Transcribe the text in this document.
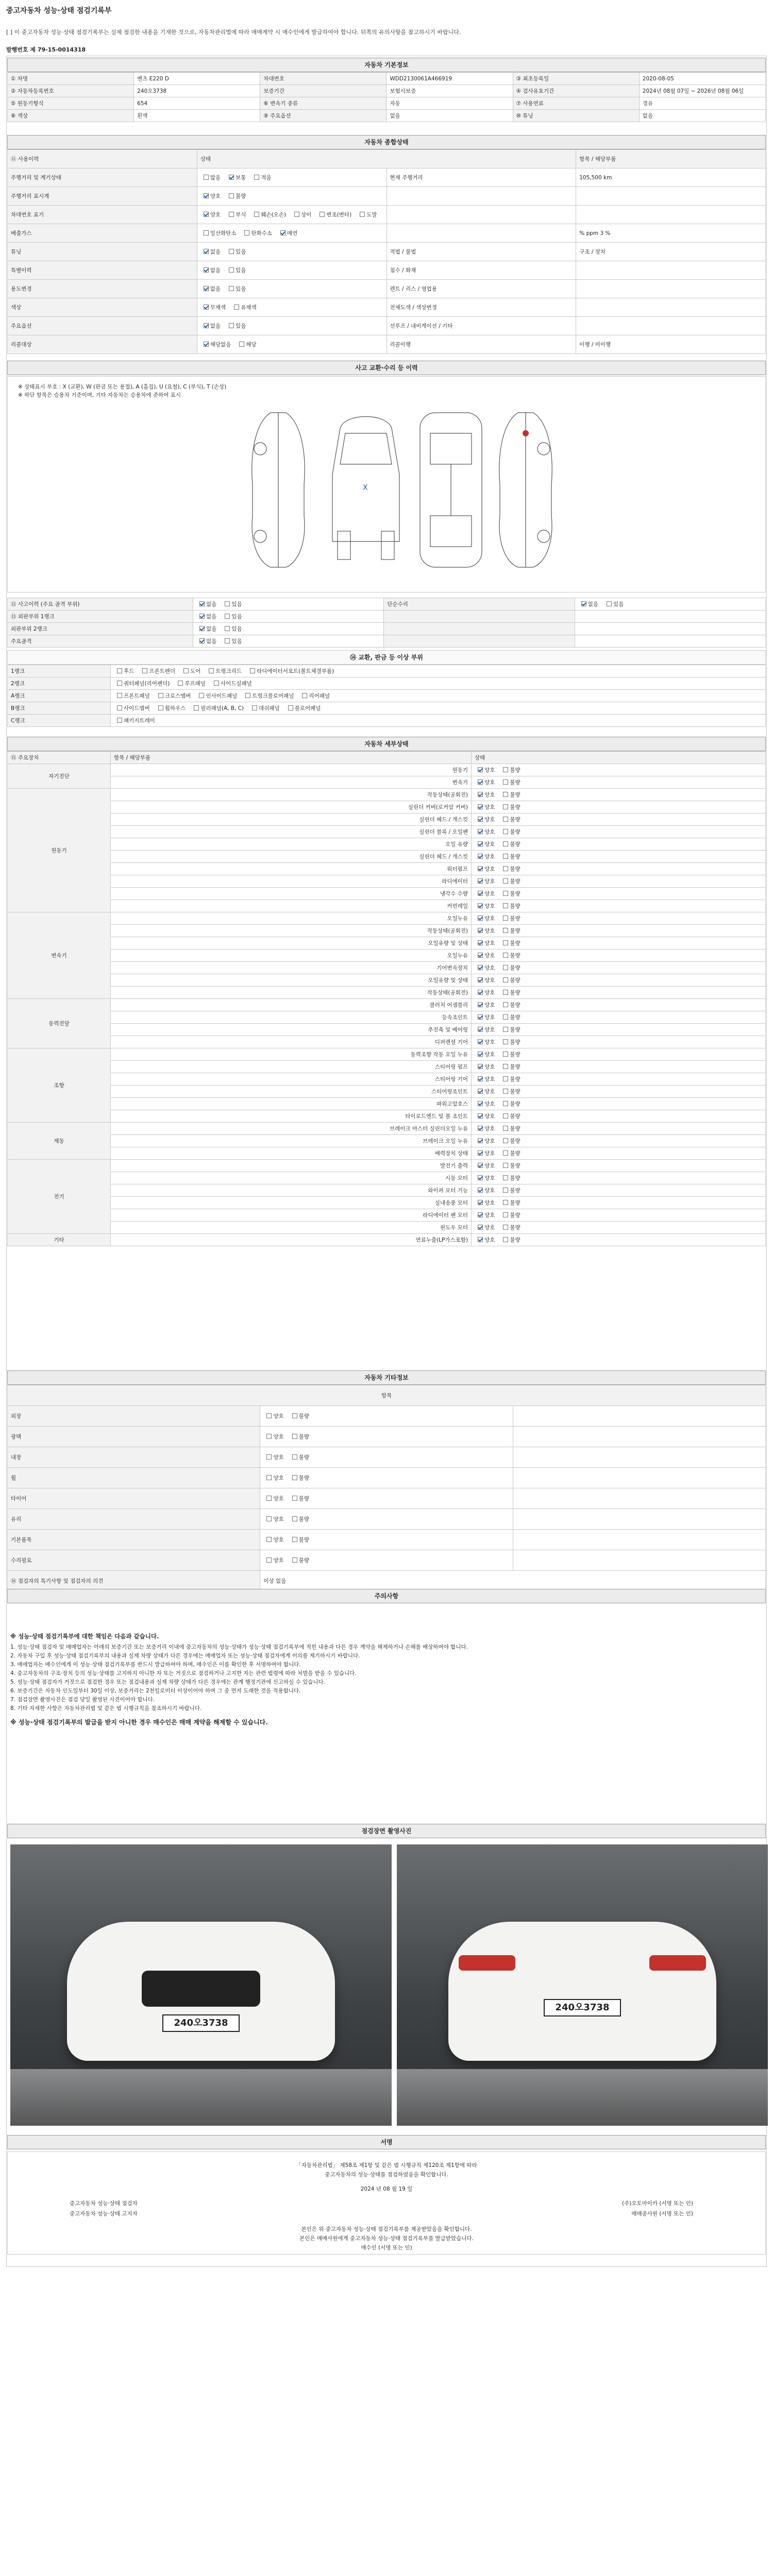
중고자동차 성능·상태 점검기록부
[ ] 이 중고자동차 성능·상태 점검기록부는 실제 점검한 내용을 기재한 것으로, 자동차관리법에 따라 매매계약 시 매수인에게 발급하여야 합니다. 뒤쪽의 유의사항을 참고하시기 바랍니다.
발행번호 제 79-15-0014318
자동차 기본정보
① 차명	벤츠 E220 D	차대번호	WDD2130061A466919	③ 최초등록일	2020-08-05
② 자동차등록번호	240오3738	보증기간	보험사보증	④ 검사유효기간	2024년 08월 07일 ~ 2026년 08월 06일
⑤ 원동기형식	654	⑥ 변속기 종류	자동	⑦ 사용연료	경유
⑧ 색상	흰색	⑨ 주요옵션	없음	⑩ 튜닝	없음
자동차 종합상태
⑪ 사용이력	상태		항목 / 해당부품
주행거리 및 계기상태	많음 보통 적음	현재 주행거리	105,500 km
주행거리 표시계	양호 불량		
차대번호 표기	양호 부식 훼손(오손) 상이 변조(변타) 도말		
배출가스	일산화탄소 탄화수소 매연		% ppm 3 %
튜닝	없음 있음	적법 / 불법	구조 / 장치
특별이력	없음 있음	침수 / 화재	
용도변경	없음 있음	렌트 / 리스 / 영업용	
색상	무채색 유채색	전체도색 / 색상변경	
주요옵션	없음 있음	선루프 / 내비게이션 / 기타	
리콜대상	해당없음 해당	리콜이행	이행 / 미이행
사고 교환·수리 등 이력
※ 상태표시 부호 : X (교환), W (판금 또는 용접), A (흠집), U (요철), C (부식), T (손상)
※ 하단 항목은 승용차 기준이며, 기타 자동차는 승용차에 준하여 표시
X
⑫ 사고이력 (주요 골격 부위)	없음 있음	단순수리	없음 있음
⑬ 외판부위 1랭크	없음 있음		
외판부위 2랭크	없음 있음		
주요골격	없음 있음		
⑭ 교환, 판금 등 이상 부위
1랭크	후드 프론트펜더 도어 트렁크리드 라디에이터서포트(볼트체결부품)
2랭크	쿼터패널(리어펜더) 루프패널 사이드실패널
A랭크	프론트패널 크로스멤버 인사이드패널 트렁크플로어패널 리어패널
B랭크	사이드멤버 휠하우스 필러패널(A, B, C) 대쉬패널 플로어패널
C랭크	패키지트레이
자동차 세부상태
⑮ 주요장치	항목 / 해당부품	상태
자기진단	원동기	양호 불량
	변속기	양호 불량
원동기	작동상태(공회전)	양호 불량
	실린더 커버(로커암 커버)	양호 불량
	실린더 헤드 / 개스킷	양호 불량
	실린더 블록 / 오일팬	양호 불량
	오일 유량	양호 불량
	실린더 헤드 / 개스킷	양호 불량
	워터펌프	양호 불량
	라디에이터	양호 불량
	냉각수 수량	양호 불량
	커먼레일	양호 불량
변속기	오일누유	양호 불량
	작동상태(공회전)	양호 불량
	오일유량 및 상태	양호 불량
	오일누유	양호 불량
	기어변속장치	양호 불량
	오일유량 및 상태	양호 불량
	작동상태(공회전)	양호 불량
동력전달	클러치 어셈블리	양호 불량
	등속조인트	양호 불량
	추진축 및 베어링	양호 불량
	디퍼렌셜 기어	양호 불량
조향	동력조향 작동 오일 누유	양호 불량
	스티어링 펌프	양호 불량
	스티어링 기어	양호 불량
	스티어링조인트	양호 불량
	파워고압호스	양호 불량
	타이로드엔드 및 볼 조인트	양호 불량
제동	브레이크 마스터 실린더오일 누유	양호 불량
	브레이크 오일 누유	양호 불량
	배력장치 상태	양호 불량
전기	발전기 출력	양호 불량
	시동 모터	양호 불량
	와이퍼 모터 기능	양호 불량
	실내송풍 모터	양호 불량
	라디에이터 팬 모터	양호 불량
	윈도우 모터	양호 불량
기타	연료누출(LP가스포함)	양호 불량
자동차 기타정보
항목		
외장	양호 불량	
광택	양호 불량	
내장	양호 불량	
휠	양호 불량	
타이어	양호 불량	
유리	양호 불량	
기본품목	양호 불량	
수리필요	양호 불량	
⑯ 점검자의 특기사항 및 점검자의 의견	이상 없음	
주의사항
※ 성능·상태 점검기록부에 대한 책임은 다음과 같습니다.
1. 성능·상태 점검자 및 매매업자는 아래의 보증기간 또는 보증거리 이내에 중고자동차의 성능·상태가 성능·상태 점검기록부에 적힌 내용과 다른 경우 계약을 해제하거나 손해를 배상하여야 합니다.
2. 자동차 구입 후 성능·상태 점검기록부의 내용과 실제 차량 상태가 다른 경우에는 매매업자 또는 성능·상태 점검자에게 이의를 제기하시기 바랍니다.
3. 매매업자는 매수인에게 이 성능·상태 점검기록부를 반드시 발급하여야 하며, 매수인은 이를 확인한 후 서명하여야 합니다.
4. 중고자동차의 구조·장치 등의 성능·상태를 고지하지 아니한 자 또는 거짓으로 점검하거나 고지한 자는 관련 법령에 따라 처벌을 받을 수 있습니다.
5. 성능·상태 점검자가 거짓으로 점검한 경우 또는 점검내용과 실제 차량 상태가 다른 경우에는 관계 행정기관에 신고하실 수 있습니다.
6. 보증기간은 자동차 인도일부터 30일 이상, 보증거리는 2천킬로미터 이상이어야 하며 그 중 먼저 도래한 것을 적용합니다.
7. 점검장면 촬영사진은 점검 당일 촬영된 사진이어야 합니다.
8. 기타 자세한 사항은 자동차관리법 및 같은 법 시행규칙을 참조하시기 바랍니다.
※ 성능·상태 점검기록부의 발급을 받지 아니한 경우 매수인은 매매 계약을 해제할 수 있습니다.
점검장면 촬영사진
240오3738
240오3738
서명
「자동차관리법」 제58조 제1항 및 같은 법 시행규칙 제120조 제1항에 따라
중고자동차의 성능·상태를 점검하였음을 확인합니다.
2024 년 08 월 19 일
중고자동차 성능·상태 점검자	(주)오토마이카 (서명 또는 인)
중고자동차 성능·상태 고지자	매매종사원 (서명 또는 인)
본인은 위 중고자동차 성능·상태 점검기록부를 제공받았음을 확인합니다.
본인은 매매사원에게 중고자동차 성능·상태 점검기록부를 발급받았습니다.
매수인 (서명 또는 인)
